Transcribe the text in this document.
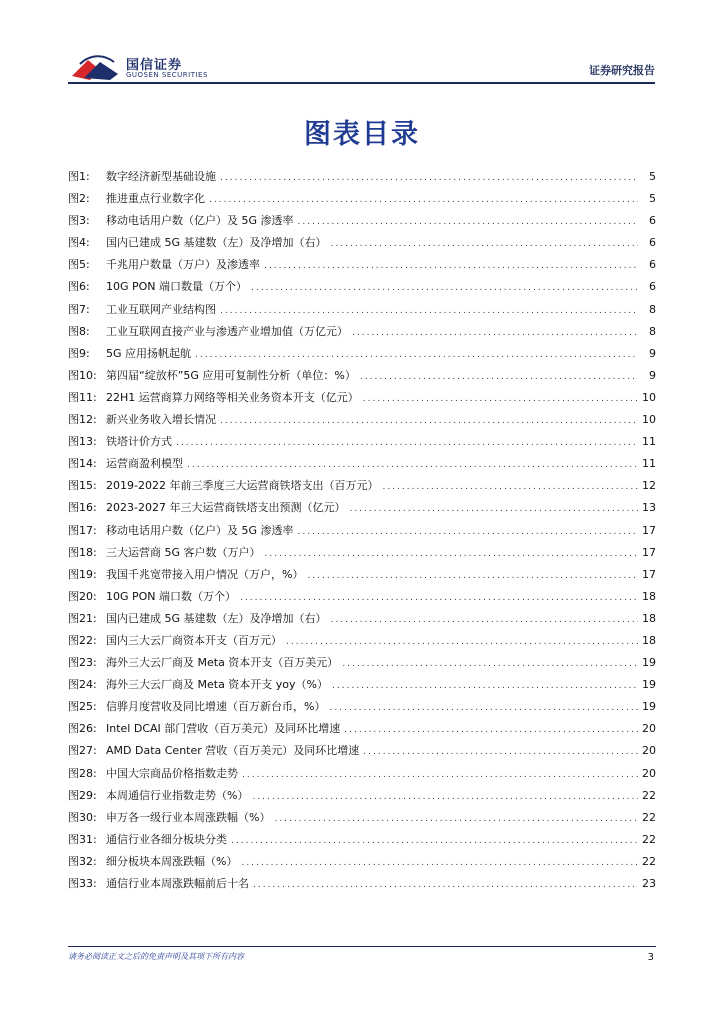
国信证券
GUOSEN SECURITIES	证券研究报告
图表目录
图1:	数字经济新型基础设施 .....	5
图2:	推进重点行业数字化 .....	5
图3:	移动电话用户数（亿户）及 5G 渗透率 .....	6
图4:	国内已建成 5G 基建数（左）及净增加（右） .....	6
图5:	千兆用户数量（万户）及渗透率 .....	6
图6:	10G PON 端口数量（万个） .....	6
图7:	工业互联网产业结构图 .....	8
图8:	工业互联网直接产业与渗透产业增加值（万亿元） .....	8
图9:	5G 应用扬帆起航 .....	9
图10: 第四届“绽放杯”5G 应用可复制性分析（单位：%） .....	9
图11: 22H1 运营商算力网络等相关业务资本开支（亿元） .....	10
图12: 新兴业务收入增长情况 .....	10
图13: 铁塔计价方式 .....	11
图14: 运营商盈利模型 .....	11
图15: 2019-2022 年前三季度三大运营商铁塔支出（百万元） .....	12
图16: 2023-2027 年三大运营商铁塔支出预测（亿元） .....	13
图17: 移动电话用户数（亿户）及 5G 渗透率 .....	17
图18: 三大运营商 5G 客户数（万户） .....	17
图19: 我国千兆宽带接入用户情况（万户，%） .....	17
图20: 10G PON 端口数（万个） .....	18
图21: 国内已建成 5G 基建数（左）及净增加（右） .....	18
图22: 国内三大云厂商资本开支（百万元） .....	18
图23: 海外三大云厂商及 Meta 资本开支（百万美元） .....	19
图24: 海外三大云厂商及 Meta 资本开支 yoy（%） .....	19
图25: 信骅月度营收及同比增速（百万新台币，%） .....	19
图26: Intel DCAI 部门营收（百万美元）及同环比增速 .....	20
图27: AMD Data Center 营收（百万美元）及同环比增速 .....	20
图28: 中国大宗商品价格指数走势 .....	20
图29: 本周通信行业指数走势（%） .....	22
图30: 申万各一级行业本周涨跌幅（%） .....	22
图31: 通信行业各细分板块分类 .....	22
图32: 细分板块本周涨跌幅（%） .....	22
图33: 通信行业本周涨跌幅前后十名 .....	23
请务必阅读正文之后的免责声明及其项下所有内容	3
